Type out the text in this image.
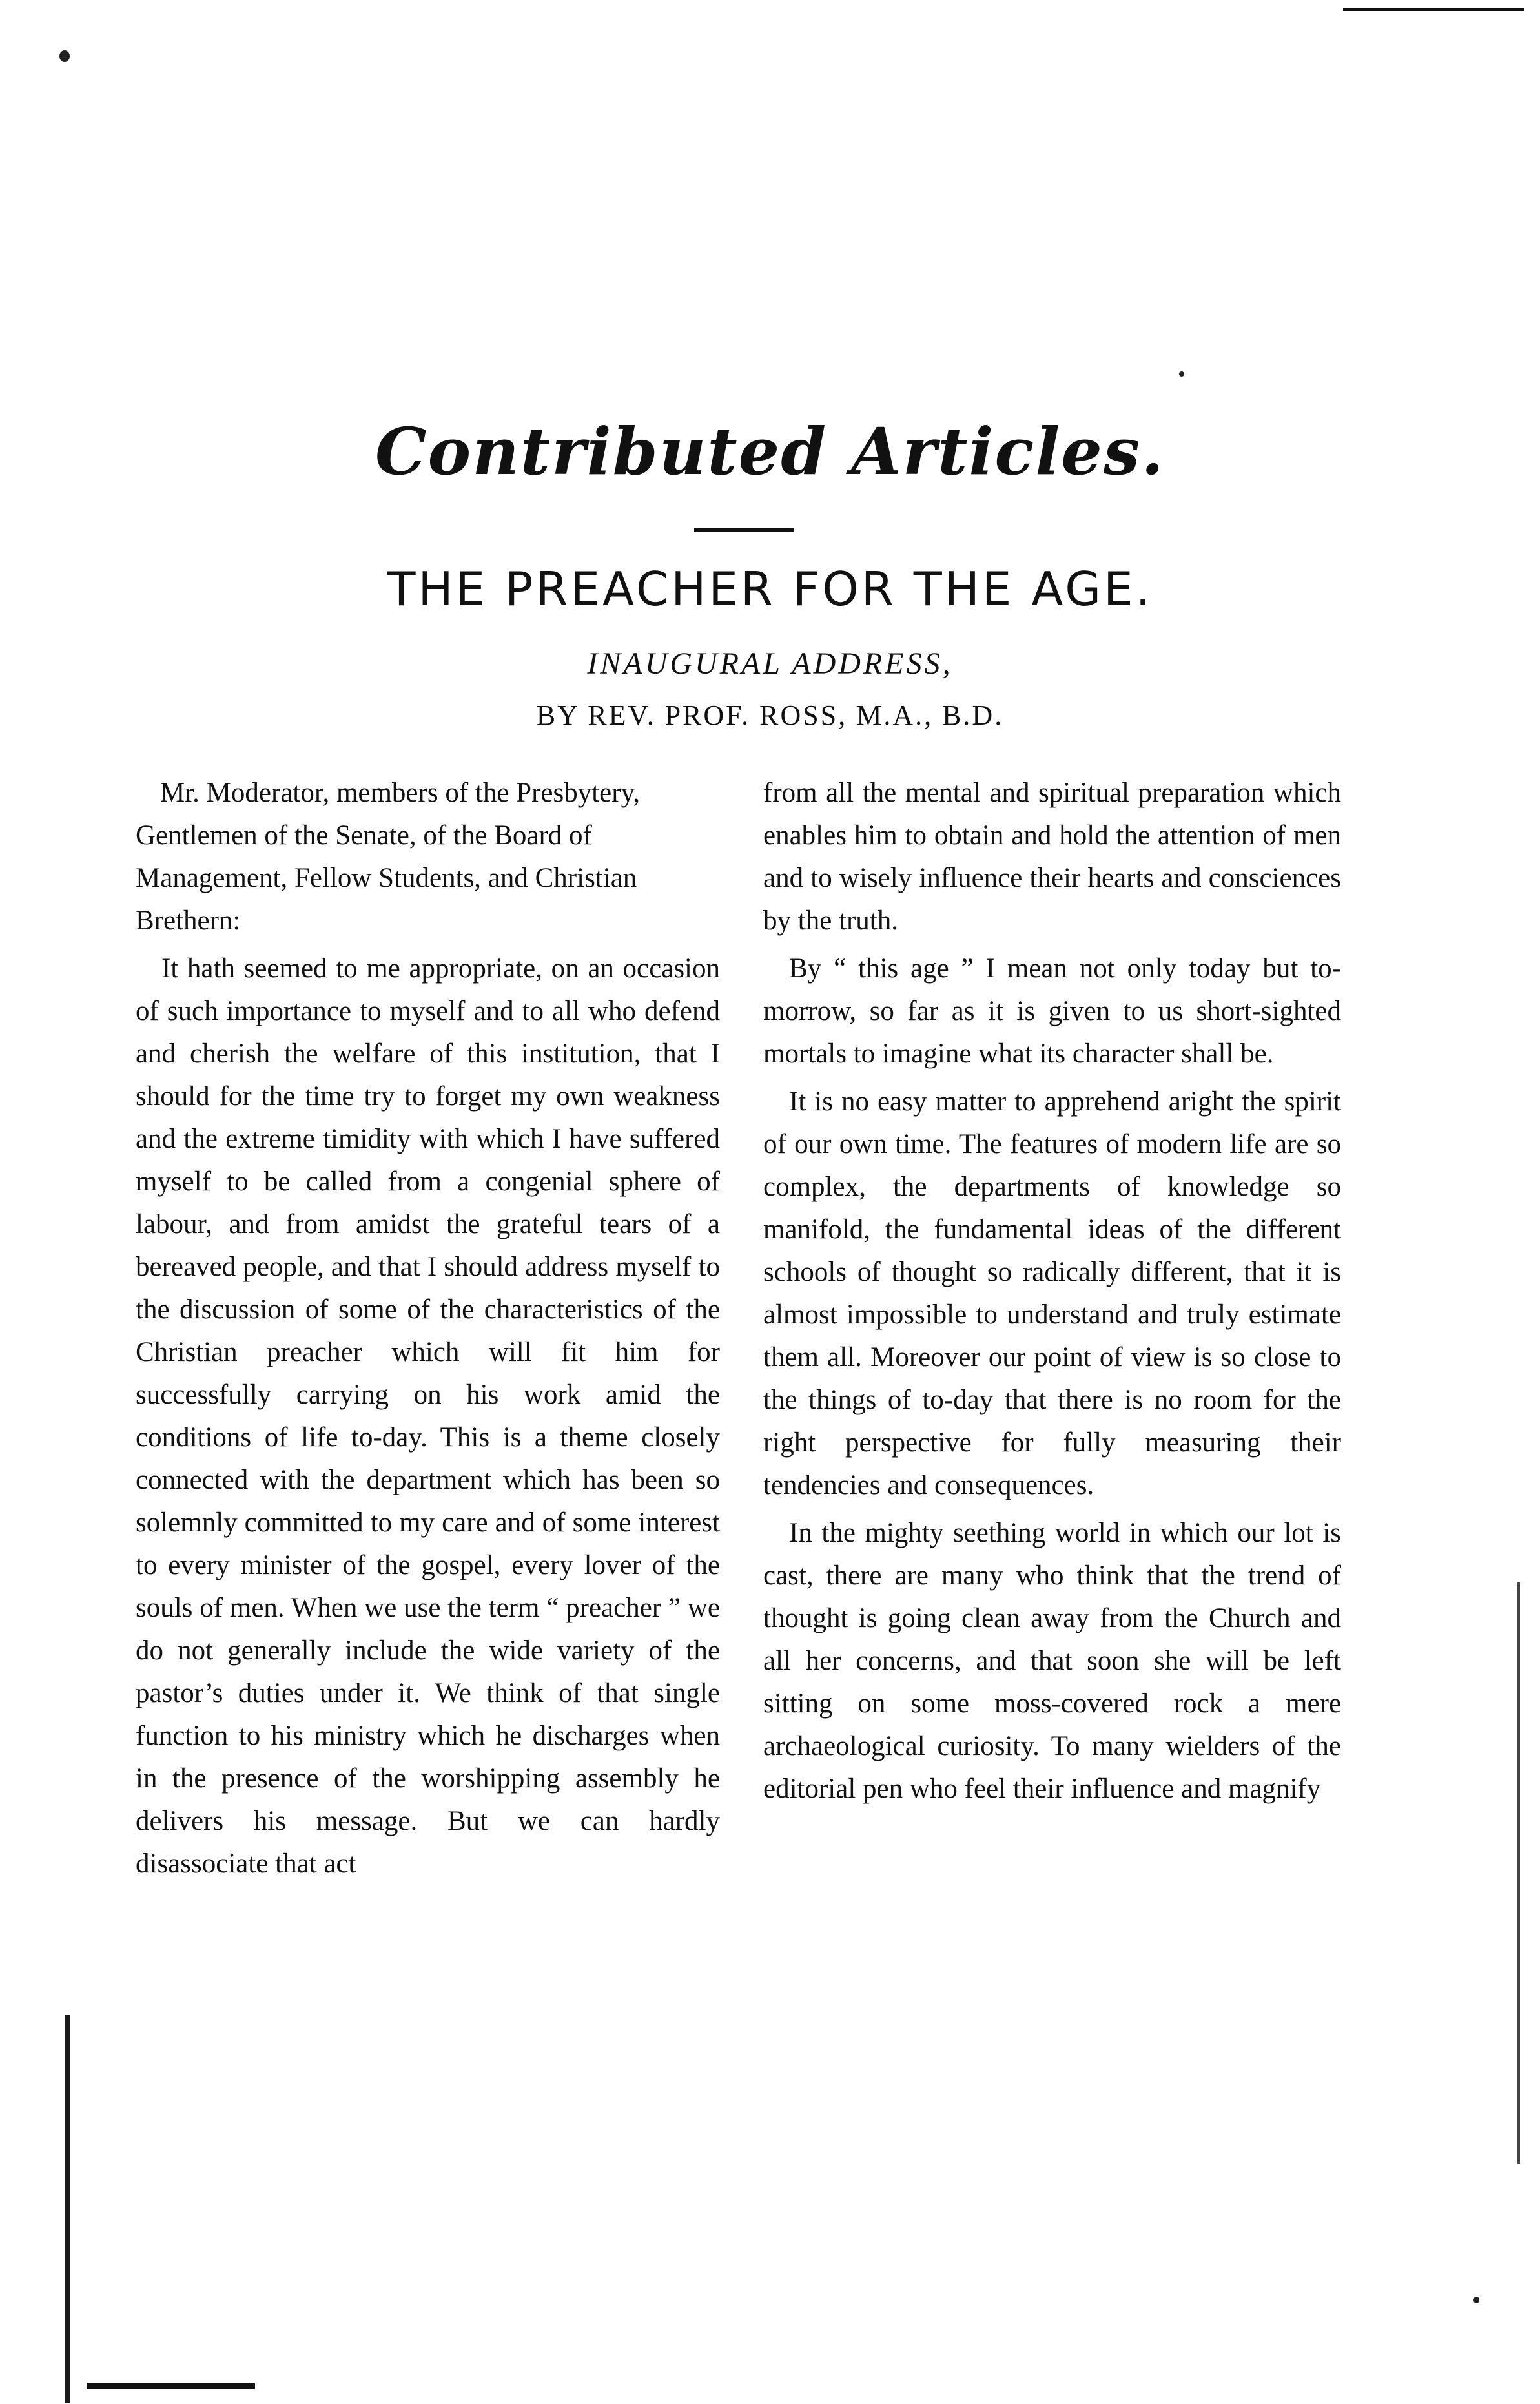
Contributed Articles.
THE PREACHER FOR THE AGE.
INAUGURAL ADDRESS,
BY REV. PROF. ROSS, M.A., B.D.

Mr. Moderator, members of the Presbytery, Gentlemen of the Senate, of the Board of Management, Fellow Students, and Christian Brethern:

It hath seemed to me appropriate, on an occasion of such importance to myself and to all who defend and cherish the welfare of this institution, that I should for the time try to forget my own weakness and the extreme timidity with which I have suffered myself to be called from a congenial sphere of labour, and from amidst the grateful tears of a bereaved people, and that I should address myself to the discussion of some of the characteristics of the Christian preacher which will fit him for successfully carrying on his work amid the conditions of life to-day. This is a theme closely connected with the department which has been so solemnly committed to my care and of some interest to every minister of the gospel, every lover of the souls of men. When we use the term “ preacher ” we do not generally include the wide variety of the pastor’s duties under it. We think of that single function to his ministry which he discharges when in the presence of the worshipping assembly he delivers his message. But we can hardly disassociate that act

from all the mental and spiritual preparation which enables him to obtain and hold the attention of men and to wisely influence their hearts and consciences by the truth.

By “ this age ” I mean not only today but to-morrow, so far as it is given to us short-sighted mortals to imagine what its character shall be.

It is no easy matter to apprehend aright the spirit of our own time. The features of modern life are so complex, the departments of knowledge so manifold, the fundamental ideas of the different schools of thought so radically different, that it is almost impossible to understand and truly estimate them all. Moreover our point of view is so close to the things of to-day that there is no room for the right perspective for fully measuring their tendencies and consequences.

In the mighty seething world in which our lot is cast, there are many who think that the trend of thought is going clean away from the Church and all her concerns, and that soon she will be left sitting on some moss-covered rock a mere archaeological curiosity. To many wielders of the editorial pen who feel their influence and magnify
